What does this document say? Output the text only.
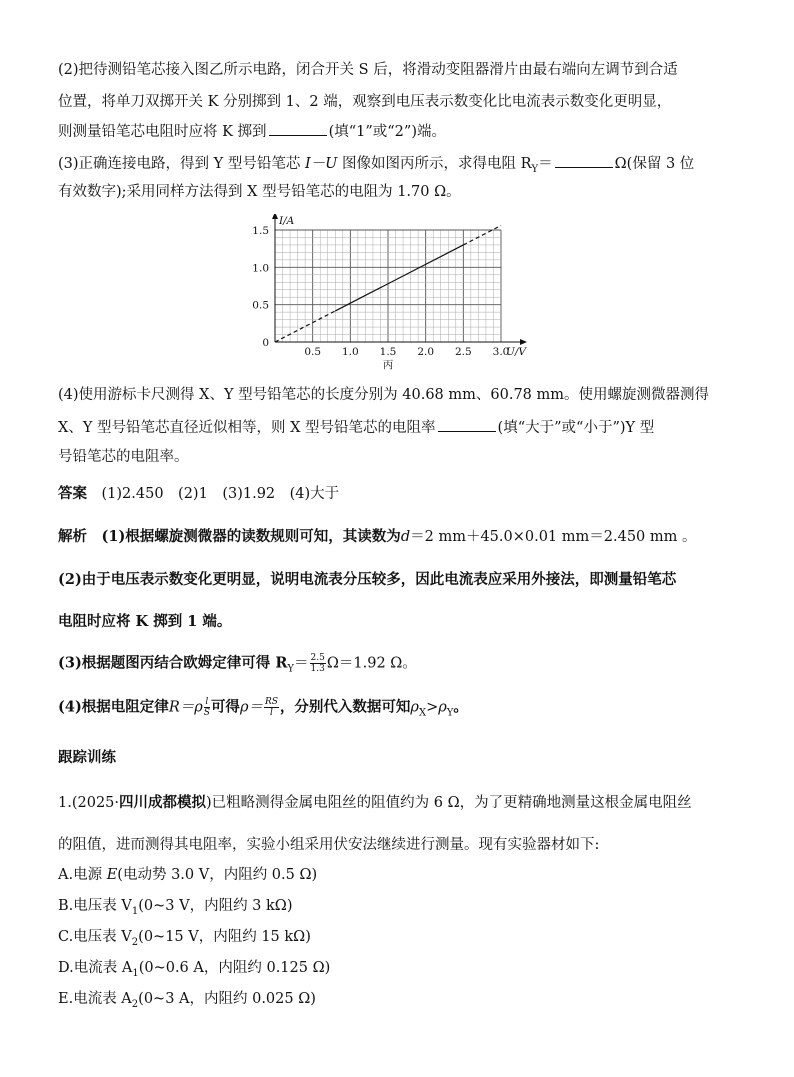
(2)把待测铅笔芯接入图乙所示电路，闭合开关 S 后，将滑动变阻器滑片由最右端向左调节到合适
位置，将单刀双掷开关 K 分别掷到 1、2 端，观察到电压表示数变化比电流表示数变化更明显，
则测量铅笔芯电阻时应将 K 掷到	(填“1”或“2”)端。
(3)正确连接电路，得到 Y 型号铅笔芯 I－U 图像如图丙所示，求得电阻 $R_Y=$	Ω(保留 3 位
有效数字);采用同样方法得到 X 型号铅笔芯的电阻为 1.70 Ω。
0.5 1.0 1.5 2.0 2.5 3.0
0
0.5
1.0
1.5
U/V
I/A
丙
(4)使用游标卡尺测得 X、Y 型号铅笔芯的长度分别为 40.68 mm、60.78 mm。使用螺旋测微器测得
X、Y 型号铅笔芯直径近似相等，则 X 型号铅笔芯的电阻率	(填“大于”或“小于”)Y 型
号铅笔芯的电阻率。
答案　 (1)2.450　(2)1　(3)1.92　(4)大于
解析　 (1)根据螺旋测微器的读数规则可知，其读数为d＝2 mm＋45.0×0.01 mm＝2.450 mm 。
(2)由于电压表示数变化更明显，说明电流表分压较多，因此电流表应采用外接法，即测量铅笔芯
电阻时应将 K 掷到 1 端。
(3)根据题图丙结合欧姆定律可得 $R_Y= \frac{2.5}{1.3} \Omega=1.92$ Ω。
(4)根据电阻定律$R=\rho \frac{l}{S}$ 可得$\rho= \frac{RS}{l}$ ，分别代入数据可知$\rho_X>\rho_Y$。
跟踪训练
1.(2025·四川成都模拟)已粗略测得金属电阻丝的阻值约为 6 Ω，为了更精确地测量这根金属电阻丝
的阻值，进而测得其电阻率，实验小组采用伏安法继续进行测量。现有实验器材如下:
A.电源 E(电动势 3.0 V，内阻约 0.5 Ω)
B.电压表 $V_1(0\sim 3$ V，内阻约 3 kΩ)
C.电压表 $V_2(0\sim 15$ V，内阻约 15 kΩ)
D.电流表 $A_1(0\sim 0.6$ A，内阻约 0.125 Ω)
E.电流表 $A_2(0\sim 3$ A，内阻约 0.025 Ω)
